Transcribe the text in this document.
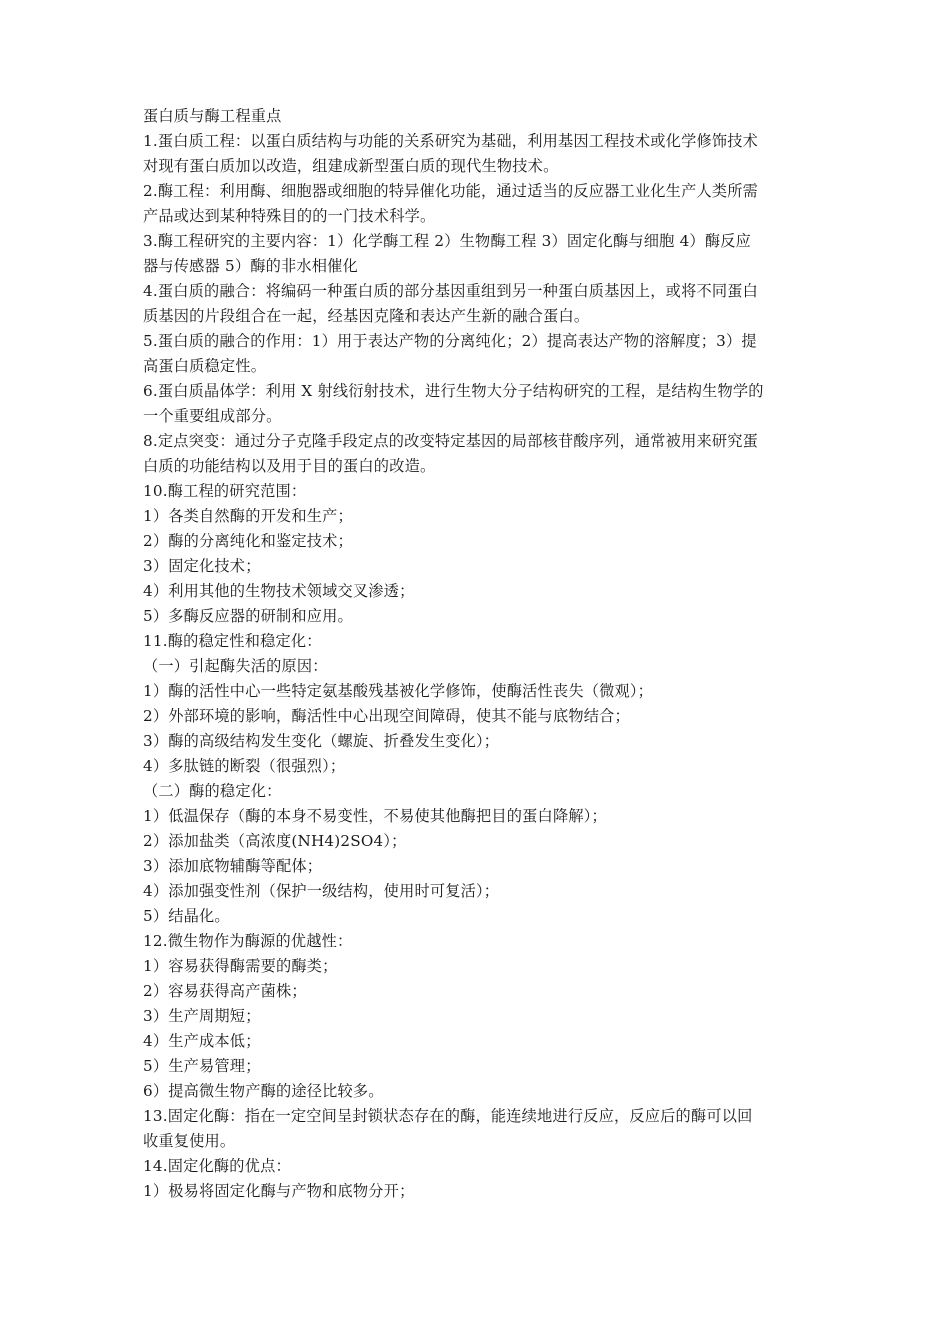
蛋白质与酶工程重点
1.蛋白质工程：以蛋白质结构与功能的关系研究为基础，利用基因工程技术或化学修饰技术
对现有蛋白质加以改造，组建成新型蛋白质的现代生物技术。
2.酶工程：利用酶、细胞器或细胞的特异催化功能，通过适当的反应器工业化生产人类所需
产品或达到某种特殊目的的一门技术科学。
3.酶工程研究的主要内容：1）化学酶工程 2）生物酶工程 3）固定化酶与细胞 4）酶反应
器与传感器 5）酶的非水相催化
4.蛋白质的融合：将编码一种蛋白质的部分基因重组到另一种蛋白质基因上，或将不同蛋白
质基因的片段组合在一起，经基因克隆和表达产生新的融合蛋白。
5.蛋白质的融合的作用：1）用于表达产物的分离纯化；2）提高表达产物的溶解度；3）提
高蛋白质稳定性。
6.蛋白质晶体学：利用 X 射线衍射技术，进行生物大分子结构研究的工程，是结构生物学的
一个重要组成部分。
8.定点突变：通过分子克隆手段定点的改变特定基因的局部核苷酸序列，通常被用来研究蛋
白质的功能结构以及用于目的蛋白的改造。
10.酶工程的研究范围：
1）各类自然酶的开发和生产；
2）酶的分离纯化和鉴定技术；
3）固定化技术；
4）利用其他的生物技术领域交叉渗透；
5）多酶反应器的研制和应用。
11.酶的稳定性和稳定化：
（一）引起酶失活的原因：
1）酶的活性中心一些特定氨基酸残基被化学修饰，使酶活性丧失（微观）；
2）外部环境的影响，酶活性中心出现空间障碍，使其不能与底物结合；
3）酶的高级结构发生变化（螺旋、折叠发生变化）；
4）多肽链的断裂（很强烈）；
（二）酶的稳定化：
1）低温保存（酶的本身不易变性，不易使其他酶把目的蛋白降解）；
2）添加盐类（高浓度(NH4)2SO4）；
3）添加底物辅酶等配体；
4）添加强变性剂（保护一级结构，使用时可复活）；
5）结晶化。
12.微生物作为酶源的优越性：
1）容易获得酶需要的酶类；
2）容易获得高产菌株；
3）生产周期短；
4）生产成本低；
5）生产易管理；
6）提高微生物产酶的途径比较多。
13.固定化酶：指在一定空间呈封锁状态存在的酶，能连续地进行反应，反应后的酶可以回
收重复使用。
14.固定化酶的优点：
1）极易将固定化酶与产物和底物分开；
